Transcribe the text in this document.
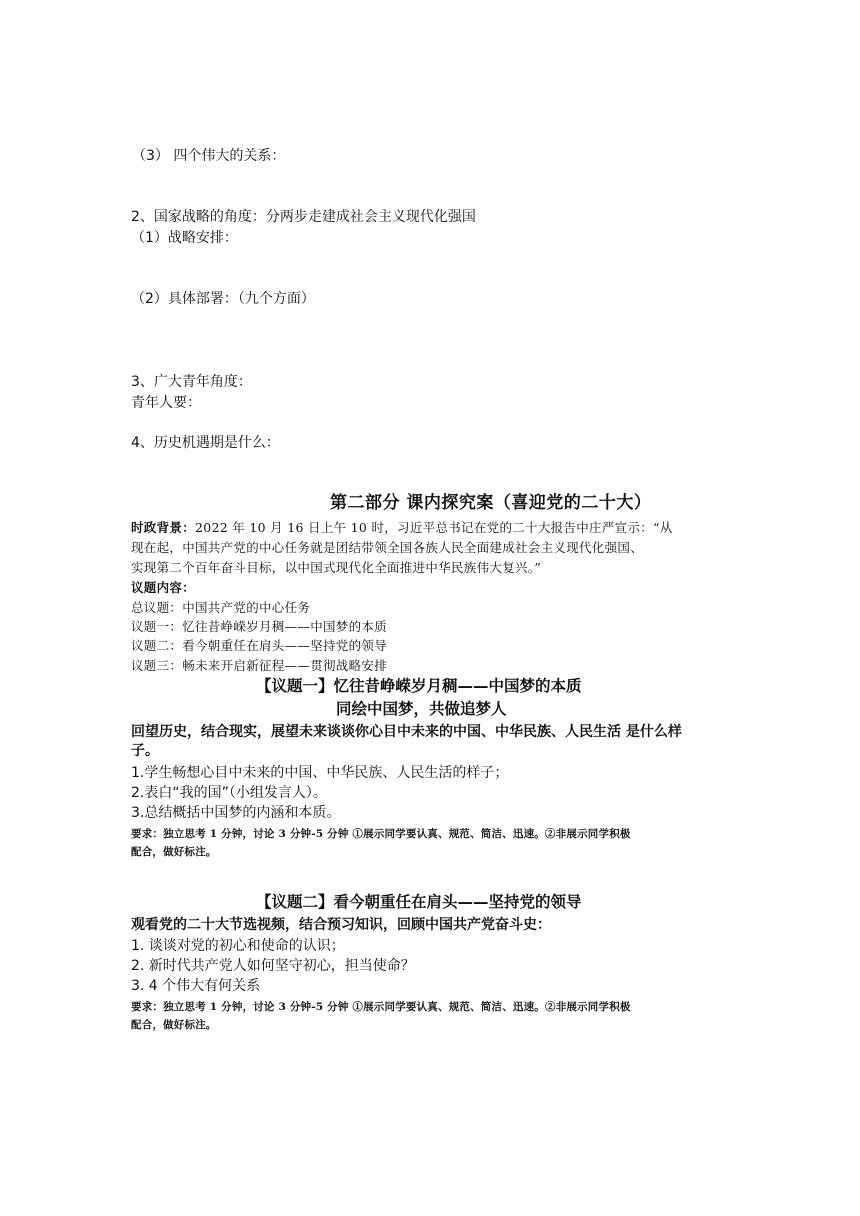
（3） 四个伟大的关系：
2、国家战略的角度：分两步走建成社会主义现代化强国
（1）战略安排：
（2）具体部署：（九个方面）
3、广大青年角度：
青年人要：
4、历史机遇期是什么：
第二部分 课内探究案（喜迎党的二十大）
时政背景：2022 年 10 月 16 日上午 10 时，习近平总书记在党的二十大报告中庄严宣示：“从
现在起，中国共产党的中心任务就是团结带领全国各族人民全面建成社会主义现代化强国、
实现第二个百年奋斗目标，以中国式现代化全面推进中华民族伟大复兴。”
议题内容：
总议题：中国共产党的中心任务
议题一：忆往昔峥嵘岁月稠——中国梦的本质
议题二：看今朝重任在肩头——坚持党的领导
议题三：畅未来开启新征程——贯彻战略安排
【议题一】忆往昔峥嵘岁月稠——中国梦的本质
同绘中国梦，共做追梦人
回望历史，结合现实，展望未来谈谈你心目中未来的中国、中华民族、人民生活 是什么样
子。
1.学生畅想心目中未来的中国、中华民族、人民生活的样子；
2.表白“我的国”（小组发言人）。
3.总结概括中国梦的内涵和本质。
要求：独立思考 1 分钟，讨论 3 分钟-5 分钟 ①展示同学要认真、规范、简洁、迅速。②非展示同学积极
配合，做好标注。
【议题二】看今朝重任在肩头——坚持党的领导
观看党的二十大节选视频，结合预习知识，回顾中国共产党奋斗史：
1. 谈谈对党的初心和使命的认识；
2. 新时代共产党人如何坚守初心，担当使命？
3. 4 个伟大有何关系
要求：独立思考 1 分钟，讨论 3 分钟-5 分钟 ①展示同学要认真、规范、简洁、迅速。②非展示同学积极
配合，做好标注。
